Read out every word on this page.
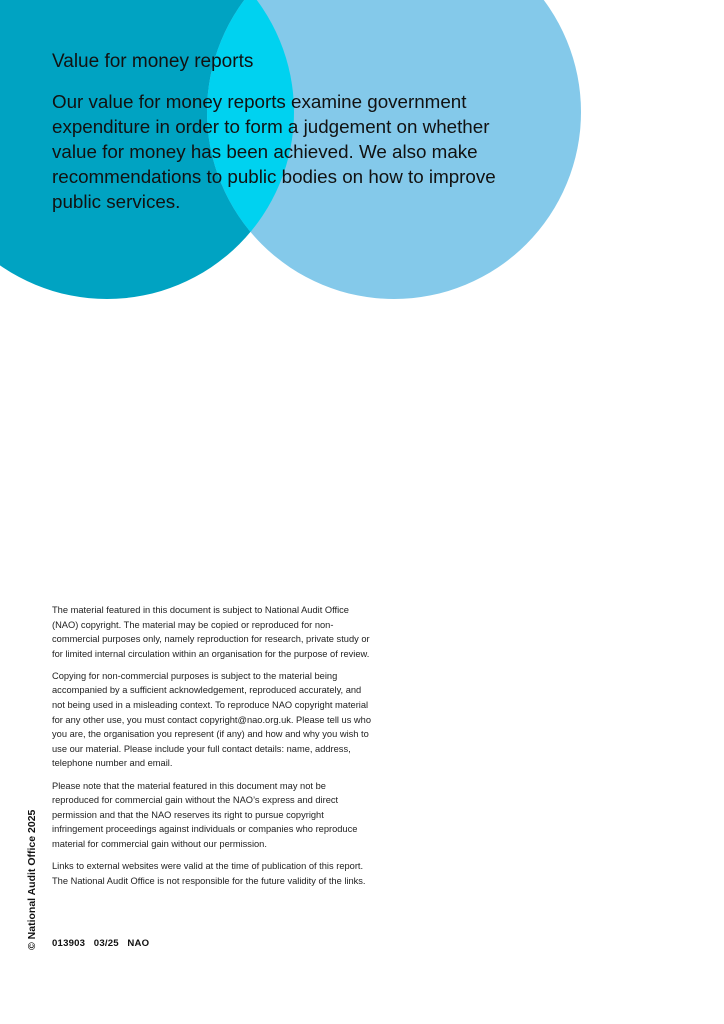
Value for money reports

Our value for money reports examine government expenditure in order to form a judgement on whether value for money has been achieved. We also make recommendations to public bodies on how to improve public services.

The material featured in this document is subject to National Audit Office (NAO) copyright. The material may be copied or reproduced for non-commercial purposes only, namely reproduction for research, private study or for limited internal circulation within an organisation for the purpose of review.

Copying for non-commercial purposes is subject to the material being accompanied by a sufficient acknowledgement, reproduced accurately, and not being used in a misleading context. To reproduce NAO copyright material for any other use, you must contact copyright@nao.org.uk. Please tell us who you are, the organisation you represent (if any) and how and why you wish to use our material. Please include your full contact details: name, address, telephone number and email.

Please note that the material featured in this document may not be reproduced for commercial gain without the NAO’s express and direct permission and that the NAO reserves its right to pursue copyright infringement proceedings against individuals or companies who reproduce material for commercial gain without our permission.

Links to external websites were valid at the time of publication of this report. The National Audit Office is not responsible for the future validity of the links.

013903   03/25   NAO
© National Audit Office 2025
